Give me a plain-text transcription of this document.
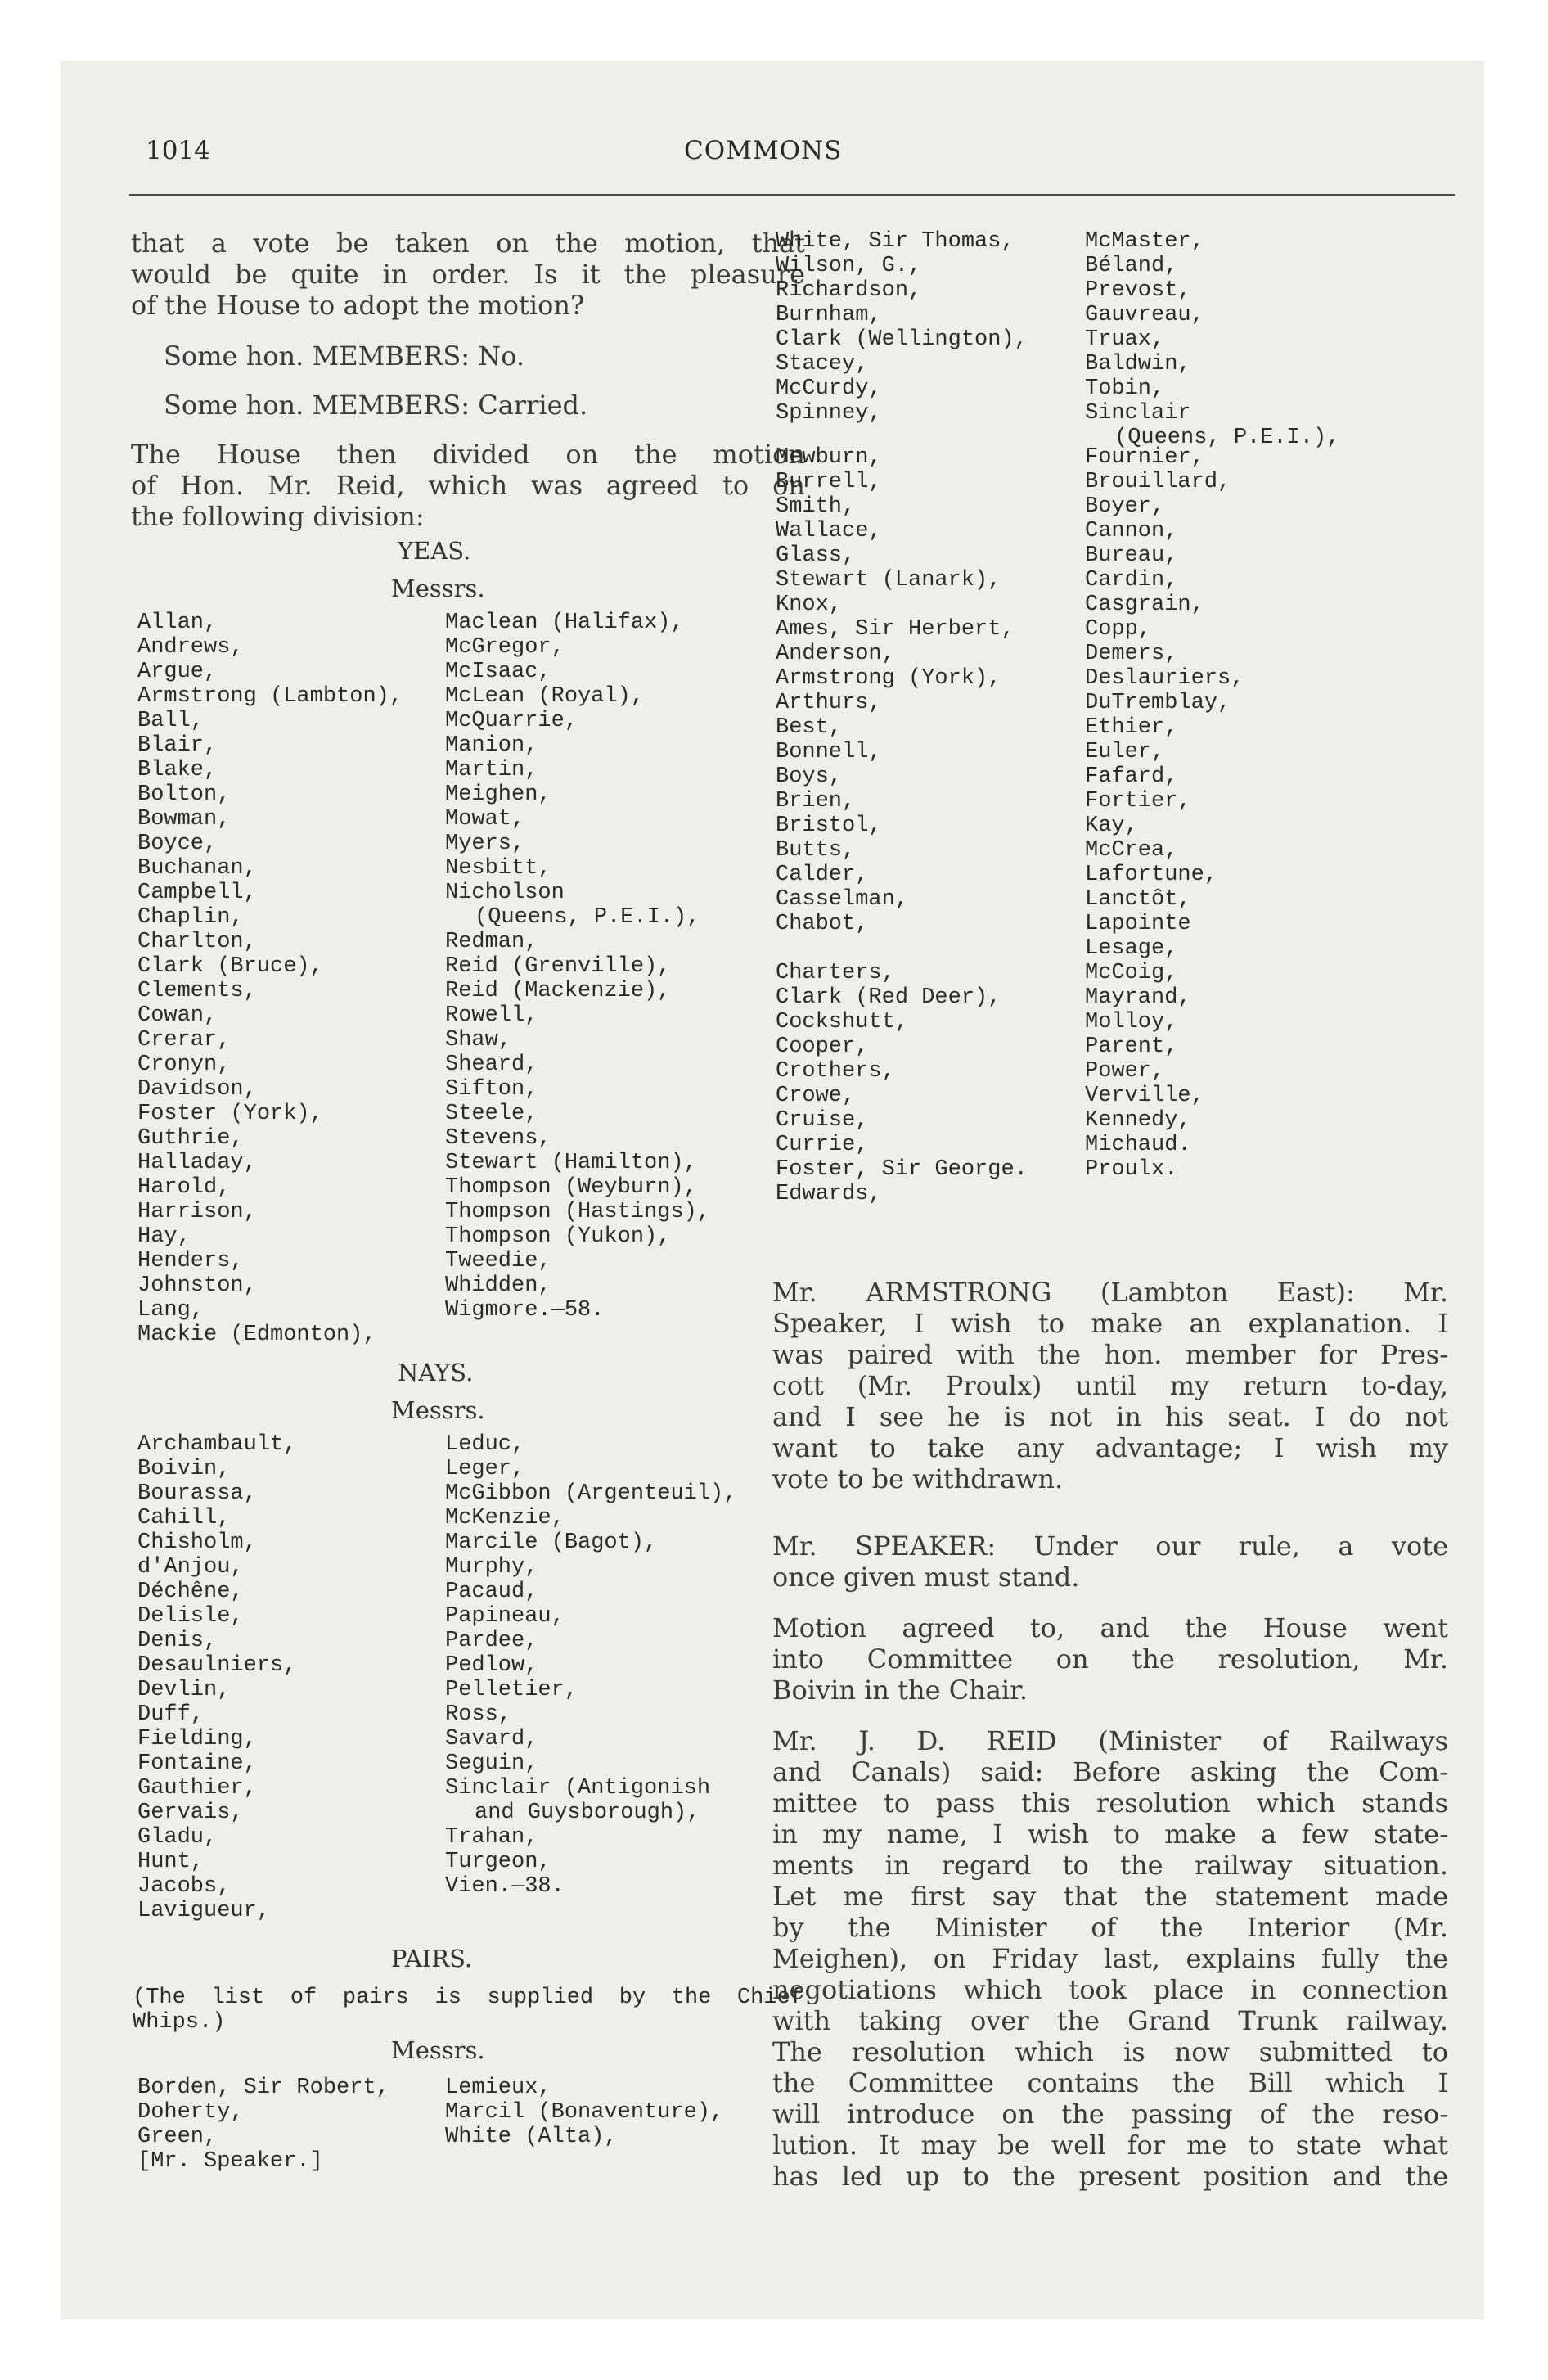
1014	COMMONS
that a vote be taken on the motion, that
would be quite in order. Is it the pleasure
of the House to adopt the motion?
Some hon. MEMBERS: No.
Some hon. MEMBERS: Carried.
The House then divided on the motion
of Hon. Mr. Reid, which was agreed to on
the following division:
YEAS.
Messrs.
Allan,
Andrews,
Argue,
Armstrong (Lambton),
Ball,
Blair,
Blake,
Bolton,
Bowman,
Boyce,
Buchanan,
Campbell,
Chaplin,
Charlton,
Clark (Bruce),
Clements,
Cowan,
Crerar,
Cronyn,
Davidson,
Foster (York),
Guthrie,
Halladay,
Harold,
Harrison,
Hay,
Henders,
Johnston,
Lang,
Mackie (Edmonton),
Maclean (Halifax),
McGregor,
McIsaac,
McLean (Royal),
McQuarrie,
Manion,
Martin,
Meighen,
Mowat,
Myers,
Nesbitt,
Nicholson
(Queens, P.E.I.),
Redman,
Reid (Grenville),
Reid (Mackenzie),
Rowell,
Shaw,
Sheard,
Sifton,
Steele,
Stevens,
Stewart (Hamilton),
Thompson (Weyburn),
Thompson (Hastings),
Thompson (Yukon),
Tweedie,
Whidden,
Wigmore.—58.
NAYS.
Messrs.
Archambault,
Boivin,
Bourassa,
Cahill,
Chisholm,
d'Anjou,
Déchêne,
Delisle,
Denis,
Desaulniers,
Devlin,
Duff,
Fielding,
Fontaine,
Gauthier,
Gervais,
Gladu,
Hunt,
Jacobs,
Lavigueur,
Leduc,
Leger,
McGibbon (Argenteuil),
McKenzie,
Marcile (Bagot),
Murphy,
Pacaud,
Papineau,
Pardee,
Pedlow,
Pelletier,
Ross,
Savard,
Seguin,
Sinclair (Antigonish
and Guysborough),
Trahan,
Turgeon,
Vien.—38.
PAIRS.
(The list of pairs is supplied by the Chief
Whips.)
Messrs.
Borden, Sir Robert,
Doherty,
Green,
Lemieux,
Marcil (Bonaventure),
White (Alta),
[Mr. Speaker.]
White, Sir Thomas,
Wilson, G.,
Richardson,
Burnham,
Clark (Wellington),
Stacey,
McCurdy,
Spinney,
McMaster,
Béland,
Prevost,
Gauvreau,
Truax,
Baldwin,
Tobin,
Sinclair
(Queens, P.E.I.),
Mewburn,
Burrell,
Smith,
Wallace,
Glass,
Stewart (Lanark),
Knox,
Ames, Sir Herbert,
Anderson,
Armstrong (York),
Arthurs,
Best,
Bonnell,
Boys,
Brien,
Bristol,
Butts,
Calder,
Casselman,
Chabot,
Charters,
Clark (Red Deer),
Cockshutt,
Cooper,
Crothers,
Crowe,
Cruise,
Currie,
Foster, Sir George.
Edwards,
Fournier,
Brouillard,
Boyer,
Cannon,
Bureau,
Cardin,
Casgrain,
Copp,
Demers,
Deslauriers,
DuTremblay,
Ethier,
Euler,
Fafard,
Fortier,
Kay,
McCrea,
Lafortune,
Lanctôt,
Lapointe
Lesage,
McCoig,
Mayrand,
Molloy,
Parent,
Power,
Verville,
Kennedy,
Michaud.
Proulx.
Mr. ARMSTRONG (Lambton East): Mr.
Speaker, I wish to make an explanation. I
was paired with the hon. member for Pres-
cott (Mr. Proulx) until my return to-day,
and I see he is not in his seat. I do not
want to take any advantage; I wish my
vote to be withdrawn.
Mr. SPEAKER: Under our rule, a vote
once given must stand.
Motion agreed to, and the House went
into Committee on the resolution, Mr.
Boivin in the Chair.
Mr. J. D. REID (Minister of Railways
and Canals) said: Before asking the Com-
mittee to pass this resolution which stands
in my name, I wish to make a few state-
ments in regard to the railway situation.
Let me first say that the statement made
by the Minister of the Interior (Mr.
Meighen), on Friday last, explains fully the
negotiations which took place in connection
with taking over the Grand Trunk railway.
The resolution which is now submitted to
the Committee contains the Bill which I
will introduce on the passing of the reso-
lution. It may be well for me to state what
has led up to the present position and the
